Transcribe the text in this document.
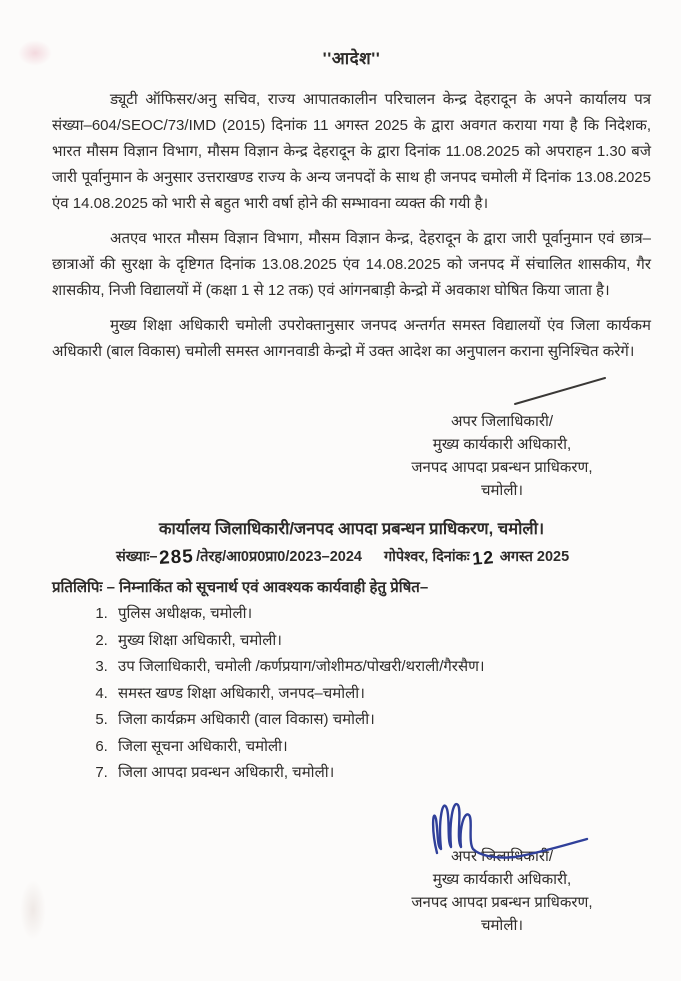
''आदेश''

ड्यूटी ऑफिसर/अनु सचिव, राज्य आपातकालीन परिचालन केन्द्र देहरादून के अपने कार्यालय पत्र संख्या–604/SEOC/73/IMD (2015) दिनांक 11 अगस्त 2025 के द्वारा अवगत कराया गया है कि निदेशक, भारत मौसम विज्ञान विभाग, मौसम विज्ञान केन्द्र देहरादून के द्वारा दिनांक 11.08.2025 को अपराहन 1.30 बजे जारी पूर्वानुमान के अनुसार उत्तराखण्ड राज्य के अन्य जनपदों के साथ ही जनपद चमोली में दिनांक 13.08.2025 एंव 14.08.2025 को भारी से बहुत भारी वर्षा होने की सम्भावना व्यक्त की गयी है।

अतएव भारत मौसम विज्ञान विभाग, मौसम विज्ञान केन्द्र, देहरादून के द्वारा जारी पूर्वानुमान एवं छात्र–छात्राओं की सुरक्षा के दृष्टिगत दिनांक 13.08.2025 एंव 14.08.2025 को जनपद में संचालित शासकीय, गैर शासकीय, निजी विद्यालयों में (कक्षा 1 से 12 तक) एवं आंगनबाड़ी केन्द्रो में अवकाश घोषित किया जाता है।

मुख्य शिक्षा अधिकारी चमोली उपरोक्तानुसार जनपद अन्तर्गत समस्त विद्यालयों एंव जिला कार्यकम अधिकारी (बाल विकास) चमोली समस्त आगनवाडी केन्द्रो में उक्त आदेश का अनुपालन कराना सुनिश्चित करेगें।

अपर जिलाधिकारी/
मुख्य कार्यकारी अधिकारी,
जनपद आपदा प्रबन्धन प्राधिकरण,
चमोली।
कार्यालय जिलाधिकारी/जनपद आपदा प्रबन्धन प्राधिकरण, चमोली।
संख्याः–285/तेरह/आ0प्र0प्रा0/2023–2024 गोपेश्वर, दिनांकः12 अगस्त 2025
प्रतिलिपिः – निम्नाकिंत को सूचनार्थ एवं आवश्यक कार्यवाही हेतु प्रेषित–
1. पुलिस अधीक्षक, चमोली।
2. मुख्य शिक्षा अधिकारी, चमोली।
3. उप जिलाधिकारी, चमोली /कर्णप्रयाग/जोशीमठ/पोखरी/थराली/गैरसैण।
4. समस्त खण्ड शिक्षा अधिकारी, जनपद–चमोली।
5. जिला कार्यक्रम अधिकारी (वाल विकास) चमोली।
6. जिला सूचना अधिकारी, चमोली।
7. जिला आपदा प्रवन्धन अधिकारी, चमोली।
अपर जिलाधिकारी/
मुख्य कार्यकारी अधिकारी,
जनपद आपदा प्रबन्धन प्राधिकरण,
चमोली।
